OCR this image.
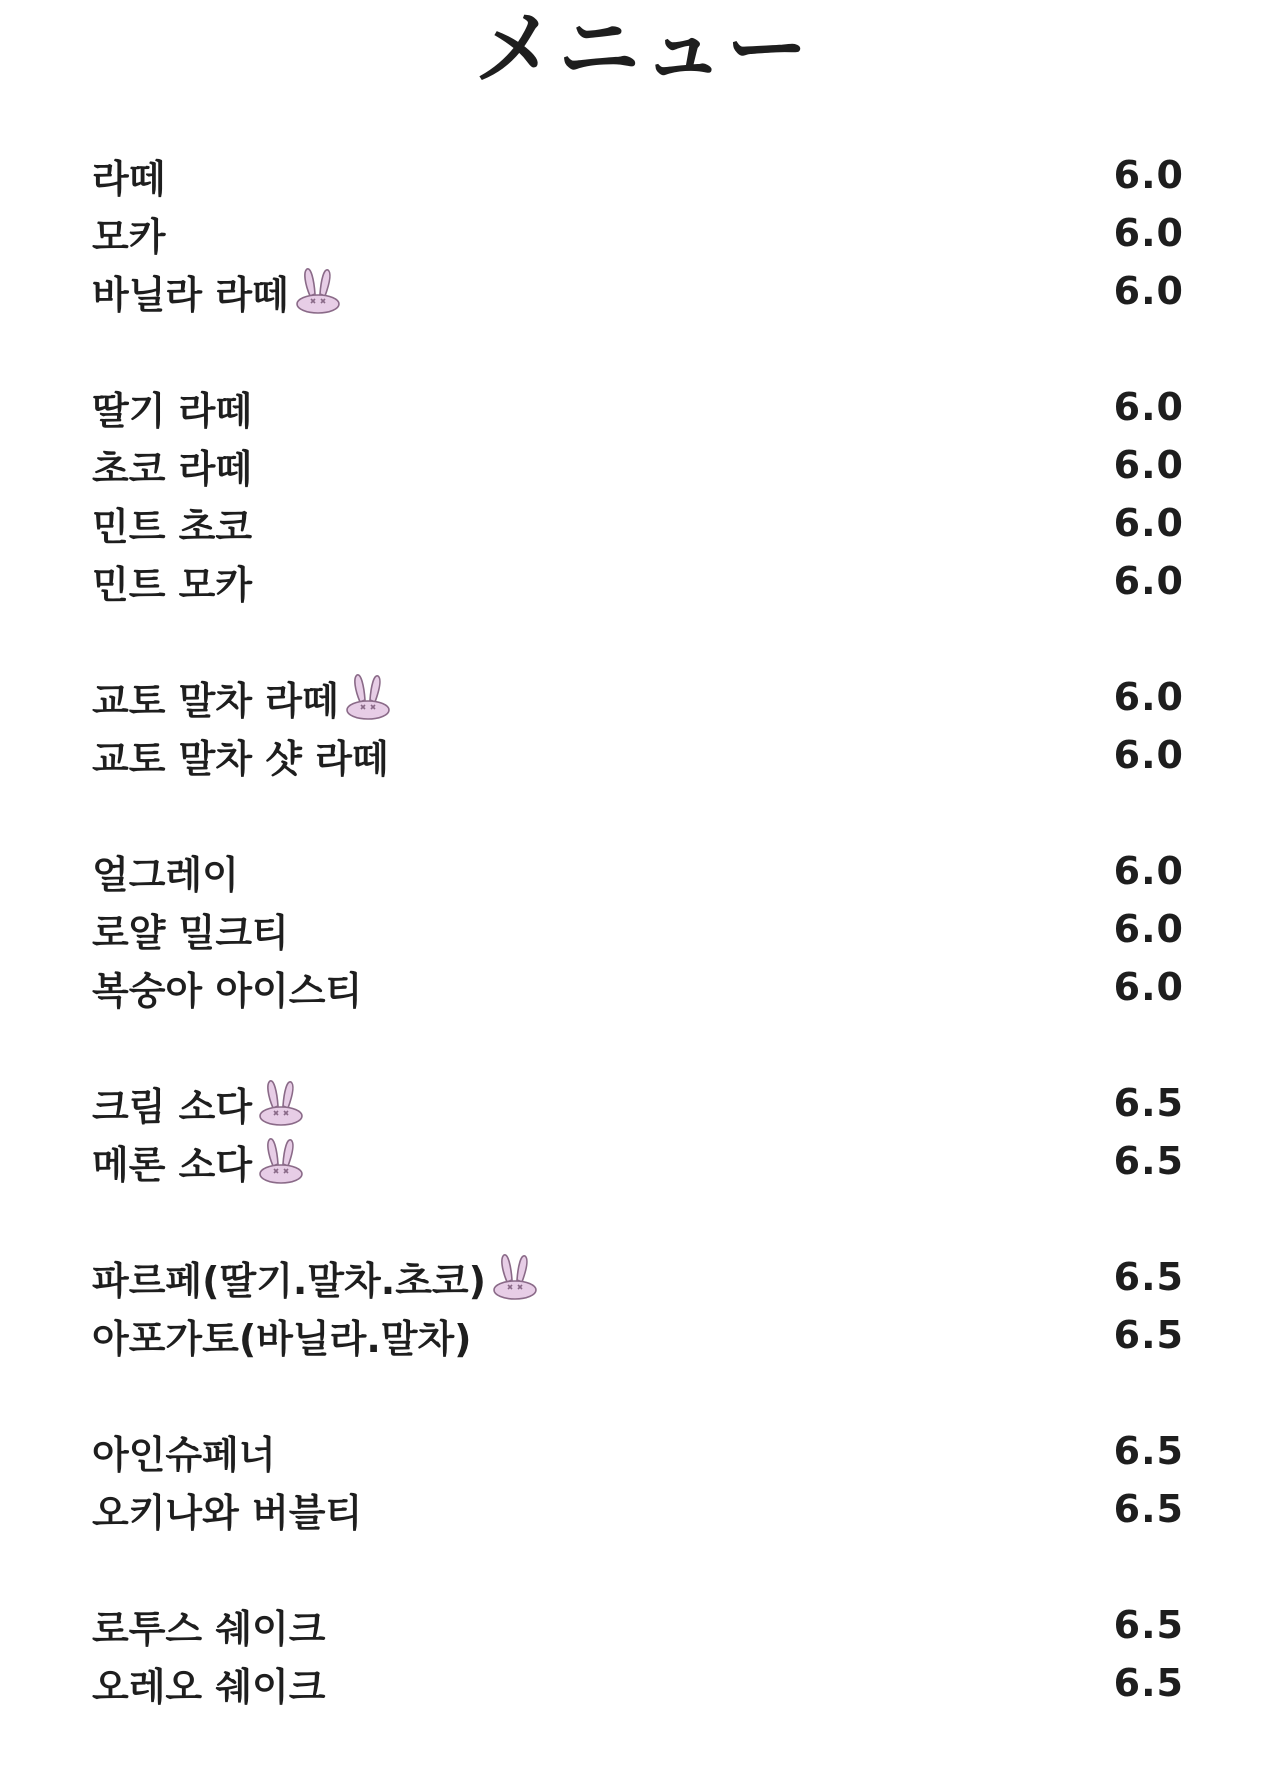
メニュー
라떼	6.0
모카	6.0
바닐라 라떼	6.0
딸기 라떼	6.0
초코 라떼	6.0
민트 초코	6.0
민트 모카	6.0
교토 말차 라떼	6.0
교토 말차 샷 라떼	6.0
얼그레이	6.0
로얄 밀크티	6.0
복숭아 아이스티	6.0
크림 소다	6.5
메론 소다	6.5
파르페(딸기.말차.초코)	6.5
아포가토(바닐라.말차)	6.5
아인슈페너	6.5
오키나와 버블티	6.5
로투스 쉐이크	6.5
오레오 쉐이크	6.5
